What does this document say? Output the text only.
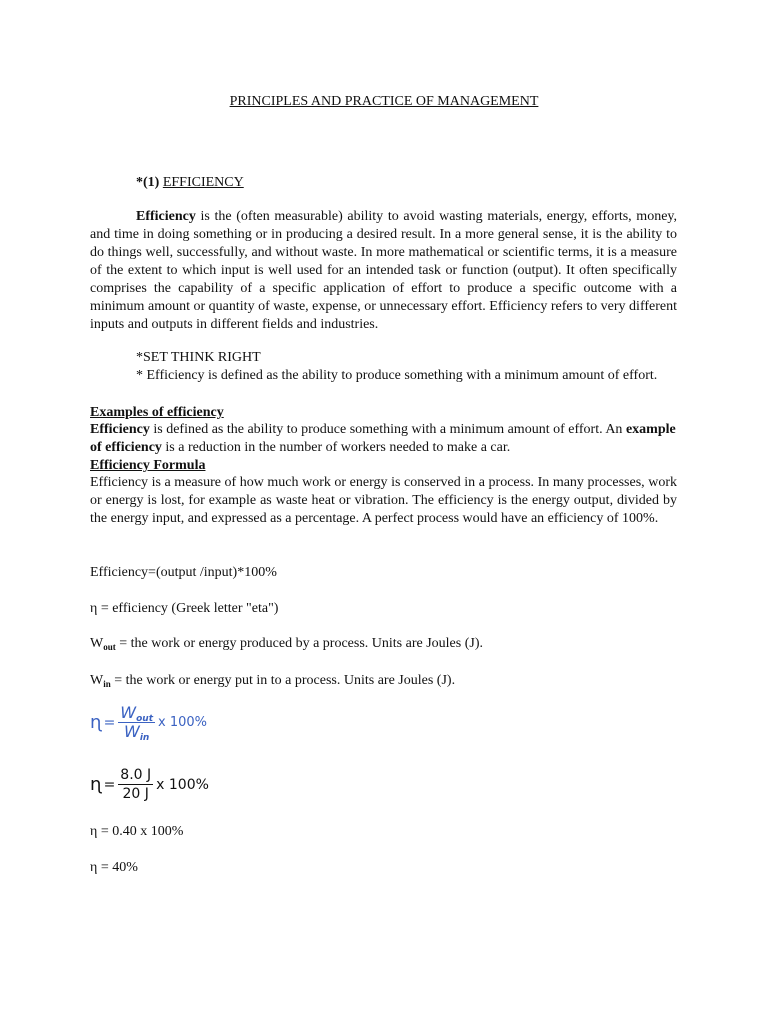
PRINCIPLES AND PRACTICE OF MANAGEMENT
*(1) EFFICIENCY
Efficiency is the (often measurable) ability to avoid wasting materials, energy, efforts, money, and time in doing something or in producing a desired result. In a more general sense, it is the ability to do things well, successfully, and without waste. In more mathematical or scientific terms, it is a measure of the extent to which input is well used for an intended task or function (output). It often specifically comprises the capability of a specific application of effort to produce a specific outcome with a minimum amount or quantity of waste, expense, or unnecessary effort. Efficiency refers to very different inputs and outputs in different fields and industries.
*SET THINK RIGHT
* Efficiency is defined as the ability to produce something with a minimum amount of effort.
Examples of efficiency
Efficiency is defined as the ability to produce something with a minimum amount of effort. An example of efficiency is a reduction in the number of workers needed to make a car.
Efficiency Formula
Efficiency is a measure of how much work or energy is conserved in a process. In many processes, work or energy is lost, for example as waste heat or vibration. The efficiency is the energy output, divided by the energy input, and expressed as a percentage. A perfect process would have an efficiency of 100%.
Efficiency=(output /input)*100%
η = efficiency (Greek letter "eta")
$W_{out}$ = the work or energy produced by a process. Units are Joules (J).
$W_{in}$ = the work or energy put in to a process. Units are Joules (J).
ɳ = $\frac{W_{out}}{W_{in}}$ x 100%
ɳ = $\frac{8.0 J}{20 J}$ x 100%
η = 0.40 x 100%
η = 40%
